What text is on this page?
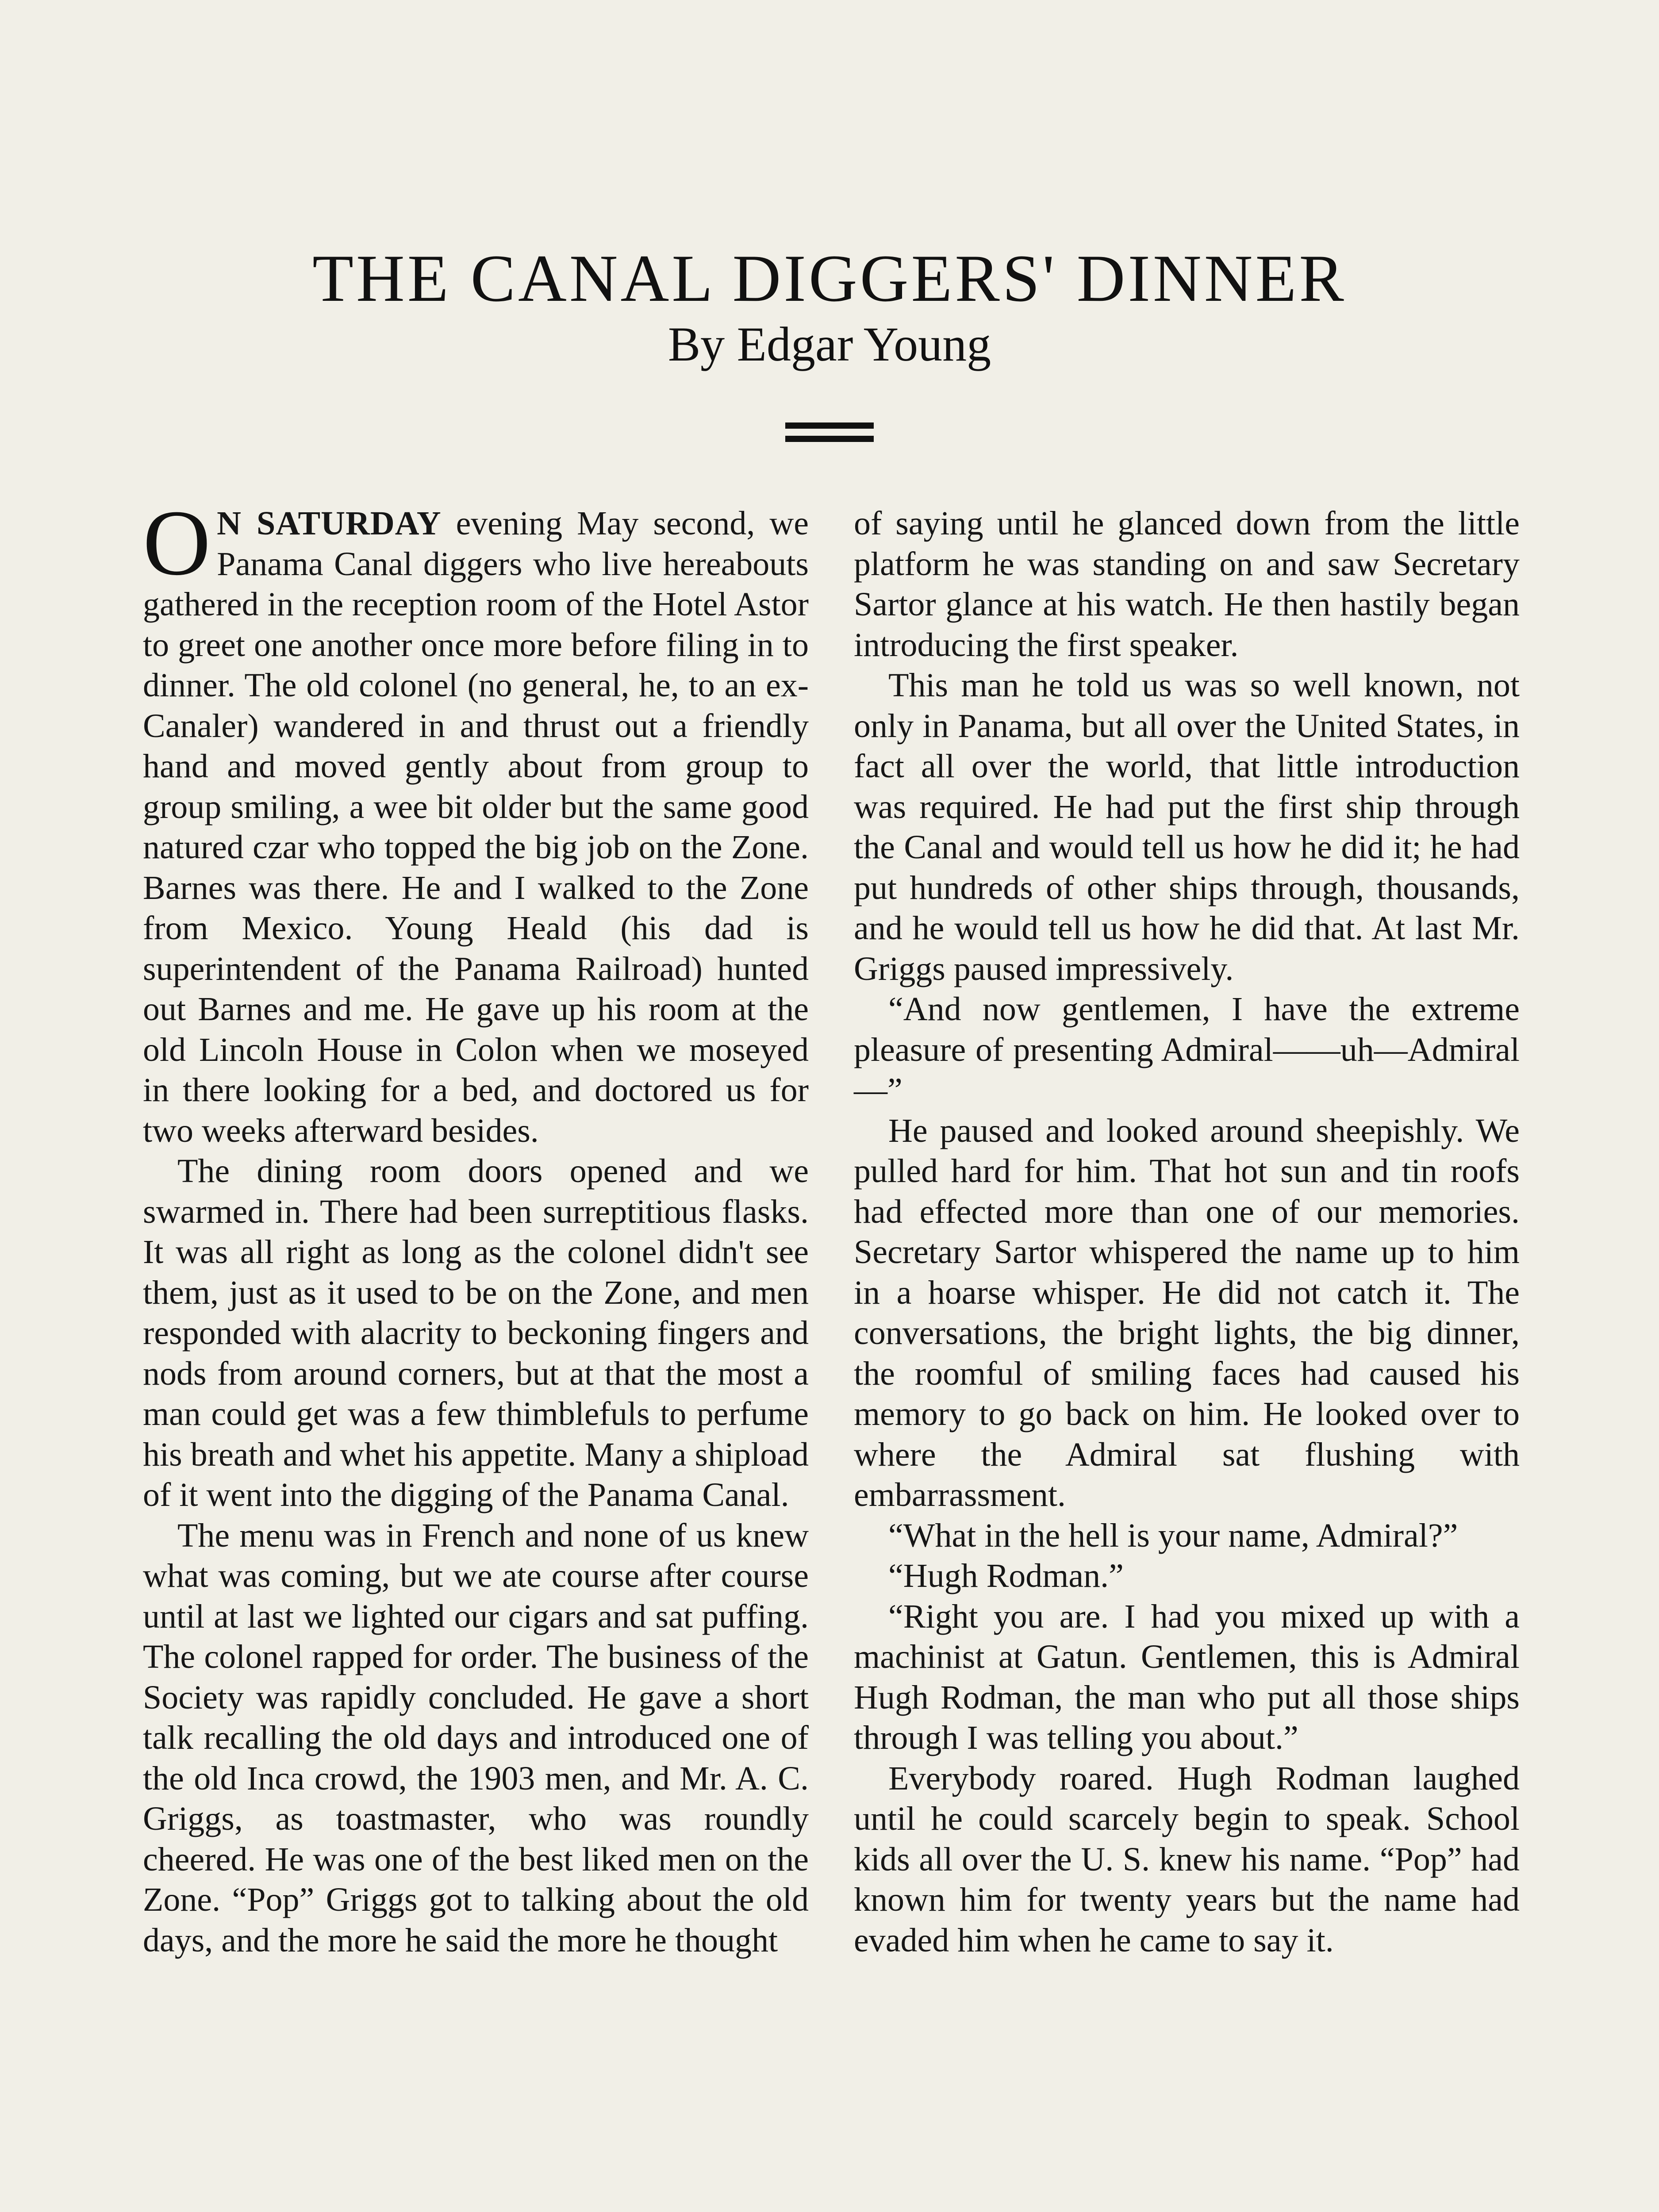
THE CANAL DIGGERS' DINNER
By Edgar Young

O N SATURDAY evening May second, we Panama Canal diggers who live hereabouts gathered in the reception room of the Hotel Astor to greet one another once more before filing in to dinner. The old colonel (no general, he, to an ex-Canaler) wandered in and thrust out a friendly hand and moved gently about from group to group smiling, a wee bit older but the same good natured czar who topped the big job on the Zone. Barnes was there. He and I walked to the Zone from Mexico. Young Heald (his dad is superintendent of the Panama Railroad) hunted out Barnes and me. He gave up his room at the old Lincoln House in Colon when we moseyed in there looking for a bed, and doctored us for two weeks afterward besides.

The dining room doors opened and we swarmed in. There had been surreptitious flasks. It was all right as long as the colonel didn't see them, just as it used to be on the Zone, and men responded with alacrity to beckoning fingers and nods from around corners, but at that the most a man could get was a few thimblefuls to perfume his breath and whet his appetite. Many a shipload of it went into the digging of the Panama Canal.

The menu was in French and none of us knew what was coming, but we ate course after course until at last we lighted our cigars and sat puffing. The colonel rapped for order. The business of the Society was rapidly concluded. He gave a short talk recalling the old days and introduced one of the old Inca crowd, the 1903 men, and Mr. A. C. Griggs, as toastmaster, who was roundly cheered. He was one of the best liked men on the Zone. “Pop” Griggs got to talking about the old days, and the more he said the more he thought

of saying until he glanced down from the little platform he was standing on and saw Secretary Sartor glance at his watch. He then hastily began introducing the first speaker.

This man he told us was so well known, not only in Panama, but all over the United States, in fact all over the world, that little introduction was required. He had put the first ship through the Canal and would tell us how he did it; he had put hundreds of other ships through, thousands, and he would tell us how he did that. At last Mr. Griggs paused impressively.

“And now gentlemen, I have the extreme pleasure of presenting Admiral——uh—Admiral—”

He paused and looked around sheepishly. We pulled hard for him. That hot sun and tin roofs had effected more than one of our memories. Secretary Sartor whispered the name up to him in a hoarse whisper. He did not catch it. The conversations, the bright lights, the big dinner, the roomful of smiling faces had caused his memory to go back on him. He looked over to where the Admiral sat flushing with embarrassment.

“What in the hell is your name, Admiral?”

“Hugh Rodman.”

“Right you are. I had you mixed up with a machinist at Gatun. Gentlemen, this is Admiral Hugh Rodman, the man who put all those ships through I was telling you about.”

Everybody roared. Hugh Rodman laughed until he could scarcely begin to speak. School kids all over the U. S. knew his name. “Pop” had known him for twenty years but the name had evaded him when he came to say it.
